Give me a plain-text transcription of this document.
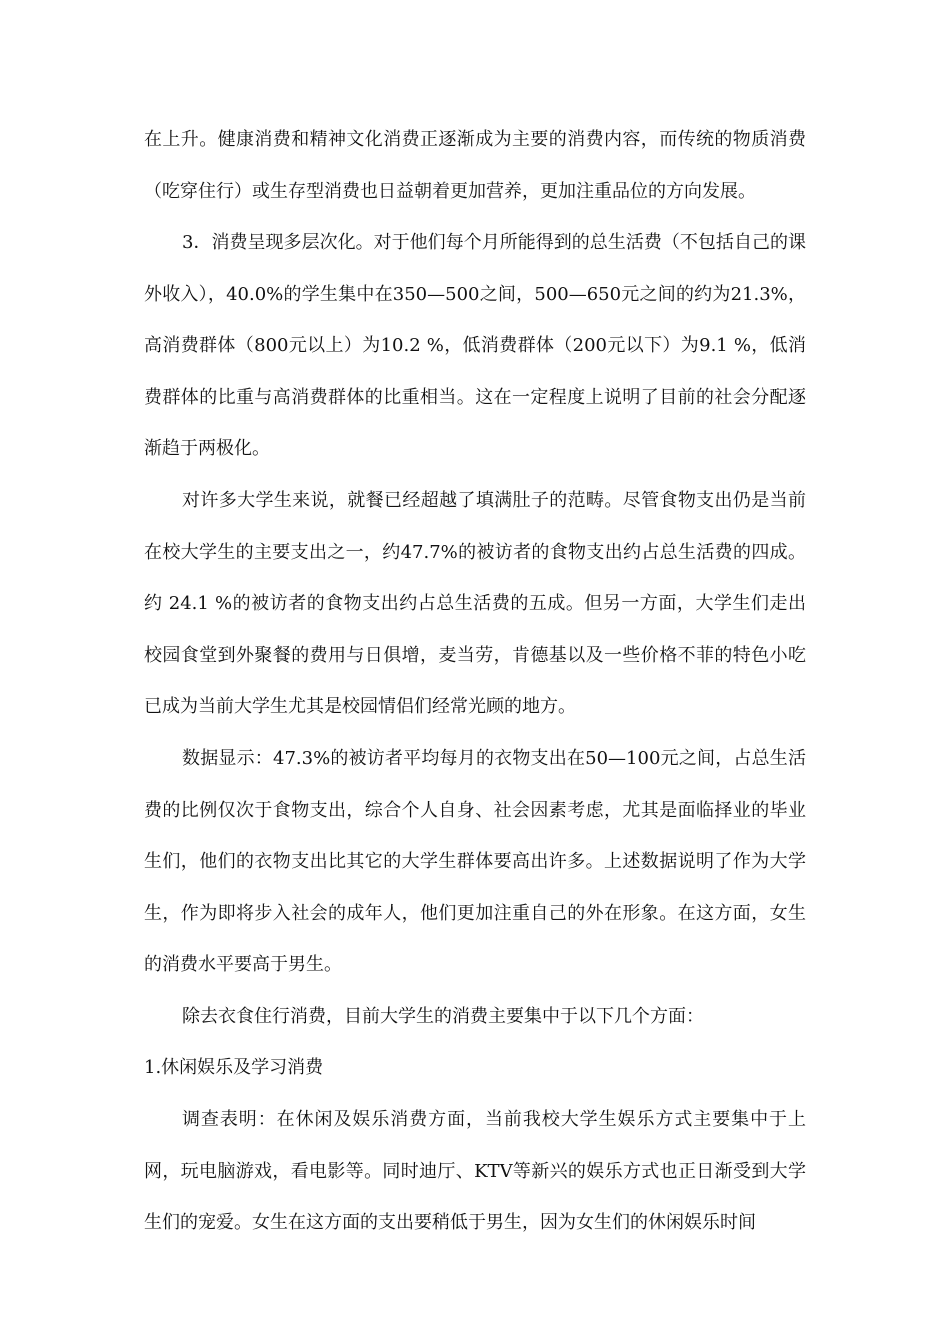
在上升。健康消费和精神文化消费正逐渐成为主要的消费内容，而传统的物质消费（吃穿住行）或生存型消费也日益朝着更加营养，更加注重品位的方向发展。

3．消费呈现多层次化。对于他们每个月所能得到的总生活费（不包括自己的课外收入），40.0%的学生集中在350—500之间，500—650元之间的约为21.3%，高消费群体（800元以上）为10.2 %，低消费群体（200元以下）为9.1 %，低消费群体的比重与高消费群体的比重相当。这在一定程度上说明了目前的社会分配逐渐趋于两极化。

对许多大学生来说，就餐已经超越了填满肚子的范畴。尽管食物支出仍是当前在校大学生的主要支出之一，约47.7%的被访者的食物支出约占总生活费的四成。约 24.1 %的被访者的食物支出约占总生活费的五成。但另一方面，大学生们走出校园食堂到外聚餐的费用与日俱增，麦当劳，肯德基以及一些价格不菲的特色小吃已成为当前大学生尤其是校园情侣们经常光顾的地方。

数据显示：47.3%的被访者平均每月的衣物支出在50—100元之间，占总生活费的比例仅次于食物支出，综合个人自身、社会因素考虑，尤其是面临择业的毕业生们，他们的衣物支出比其它的大学生群体要高出许多。上述数据说明了作为大学生，作为即将步入社会的成年人，他们更加注重自己的外在形象。在这方面，女生的消费水平要高于男生。

除去衣食住行消费，目前大学生的消费主要集中于以下几个方面：

1.休闲娱乐及学习消费

调查表明：在休闲及娱乐消费方面，当前我校大学生娱乐方式主要集中于上网，玩电脑游戏，看电影等。同时迪厅、KTV等新兴的娱乐方式也正日渐受到大学生们的宠爱。女生在这方面的支出要稍低于男生，因为女生们的休闲娱乐时间
